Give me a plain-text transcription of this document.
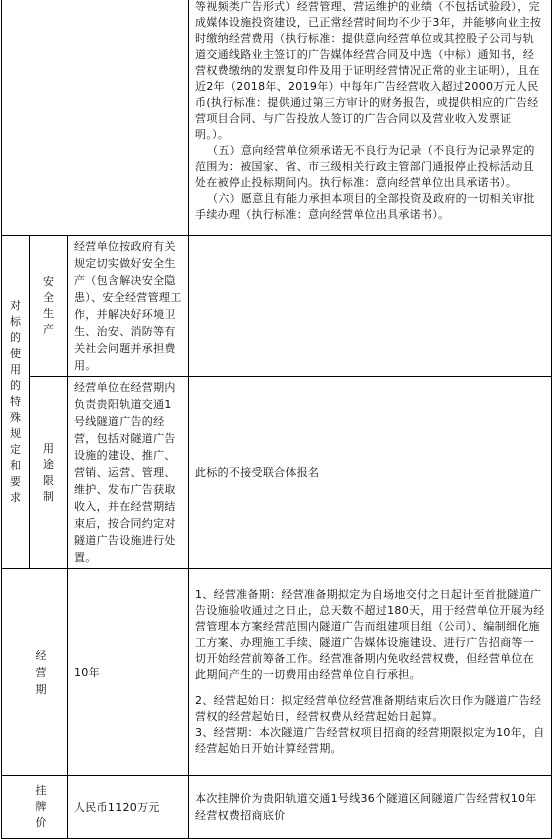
			等视频类广告形式）经营管理、营运维护的业绩（不包括试验段），完成媒体设施投资建设，已正常经营时间均不少于3年，并能够向业主按时缴纳经营费用（执行标准：提供意向经营单位或其控股子公司与轨道交通线路业主签订的广告媒体经营合同及中选（中标）通知书，经营权费缴纳的发票复印件及用于证明经营情况正常的业主证明），且在近2年（2018年、2019年）中每年广告经营收入超过2000万元人民币(执行标准：提供通过第三方审计的财务报告，或提供相应的广告经营项目合同、与广告投放人签订的广告合同以及营业收入发票证明。）。

（五）意向经营单位须承诺无不良行为记录（不良行为记录界定的范围为：被国家、省、市三级相关行政主管部门通报停止投标活动且处在被停止投标期间内。执行标准：意向经营单位出具承诺书）。

（六）愿意且有能力承担本项目的全部投资及政府的一切相关审批手续办理（执行标准：意向经营单位出具承诺书）。

对标的使用的特殊规定和要求	安全生产	经营单位按政府有关规定切实做好安全生产（包含解决安全隐患）、安全经营管理工作，并解决好环境卫生、治安、消防等有关社会问题并承担费用。	

	用途限制	经营单位在经营期内负责贵阳轨道交通1号线隧道广告的经营，包括对隧道广告设施的建设、推广、营销、运营、管理、维护、发布广告获取收入，并在经营期结束后，按合同约定对隧道广告设施进行处置。	此标的不接受联合体报名

经营期		10年	1、经营准备期：经营准备期拟定为自场地交付之日起计至首批隧道广告设施验收通过之日止，总天数不超过180天，用于经营单位开展为经营管理本方案经营范围内隧道广告而组建项目组（公司）、编制细化施工方案、办理施工手续、隧道广告媒体设施建设、进行广告招商等一切开始经营前筹备工作。经营准备期内免收经营权费，但经营单位在此期间产生的一切费用由经营单位自行承担。

2、经营起始日：拟定经营单位经营准备期结束后次日作为隧道广告经营权的经营起始日，经营权费从经营起始日起算。

3、经营期：本次隧道广告经营权项目招商的经营期限拟定为10年，自经营起始日开始计算经营期。

挂牌价		人民币1120万元	本次挂牌价为贵阳轨道交通1号线36个隧道区间隧道广告经营权10年经营权费招商底价
